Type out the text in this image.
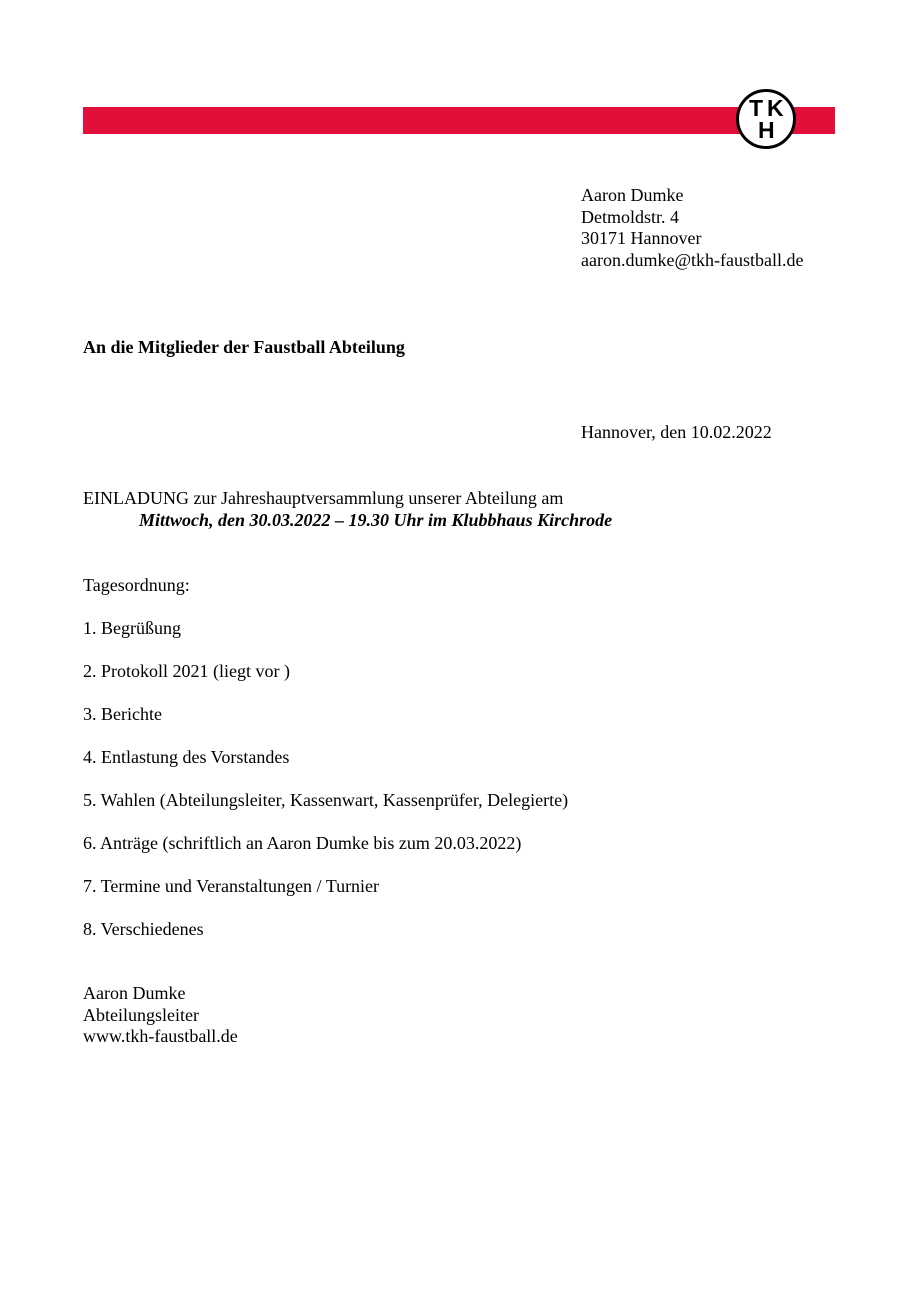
T K
H
Aaron Dumke
Detmoldstr. 4
30171 Hannover
aaron.dumke@tkh-faustball.de

An die Mitglieder der Faustball Abteilung

Hannover, den 10.02.2022

EINLADUNG zur Jahreshauptversammlung unserer Abteilung am

Mittwoch, den 30.03.2022 – 19.30 Uhr im Klubbhaus Kirchrode

Tagesordnung:

1. Begrüßung

2. Protokoll 2021 (liegt vor )

3. Berichte

4. Entlastung des Vorstandes

5. Wahlen (Abteilungsleiter, Kassenwart, Kassenprüfer, Delegierte)

6. Anträge (schriftlich an Aaron Dumke bis zum 20.03.2022)

7. Termine und Veranstaltungen / Turnier

8. Verschiedenes

Aaron Dumke
Abteilungsleiter
www.tkh-faustball.de
